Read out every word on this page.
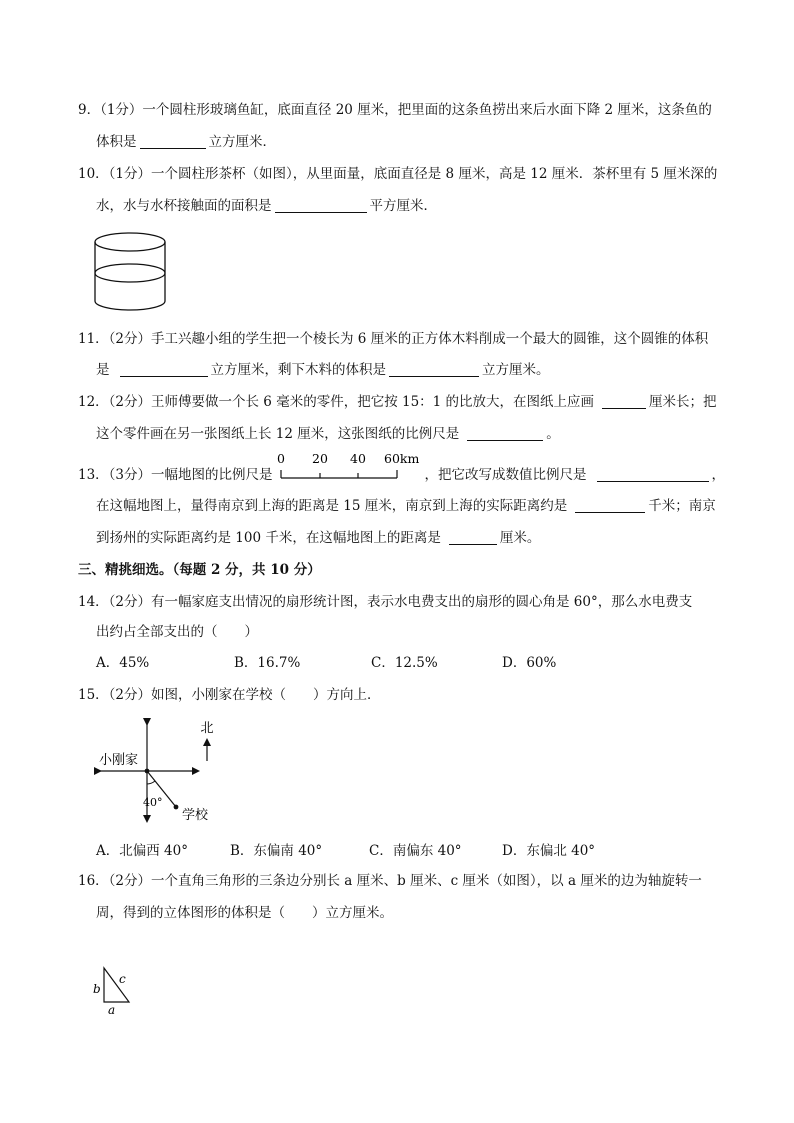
9．（1分）一个圆柱形玻璃鱼缸，底面直径 20 厘米，把里面的这条鱼捞出来后水面下降 2 厘米，这条鱼的
体积是	立方厘米．
10．（1分）一个圆柱形茶杯（如图），从里面量，底面直径是 8 厘米，高是 12 厘米．茶杯里有 5 厘米深的
水，水与水杯接触面的面积是	平方厘米．
11．（2分）手工兴趣小组的学生把一个棱长为 6 厘米的正方体木料削成一个最大的圆锥，这个圆锥的体积
是	立方厘米，剩下木料的体积是	立方厘米。
12．（2分）王师傅要做一个长 6 毫米的零件，把它按 15：1 的比放大，在图纸上应画	厘米长；把
这个零件画在另一张图纸上长 12 厘米，这张图纸的比例尺是	。
13．（3分）一幅地图的比例尺是	，把它改写成数值比例尺是	，
0 20 40 60km
在这幅地图上，量得南京到上海的距离是 15 厘米，南京到上海的实际距离约是	千米；南京
到扬州的实际距离约是 100 千米，在这幅地图上的距离是	厘米。
三、精挑细选。（每题 2 分，共 10 分）
14．（2分）有一幅家庭支出情况的扇形统计图，表示水电费支出的扇形的圆心角是 60°，那么水电费支
出约占全部支出的（　　）
A．45%	B．16.7%	C．12.5%	D．60%
15．（2分）如图，小刚家在学校（　　）方向上．
北
小刚家
40°
学校
A．北偏西 40°	B．东偏南 40°	C．南偏东 40°	D．东偏北 40°
16．（2分）一个直角三角形的三条边分别长 a 厘米、b 厘米、c 厘米（如图），以 a 厘米的边为轴旋转一
周，得到的立体图形的体积是（　　）立方厘米。
b
c
a
